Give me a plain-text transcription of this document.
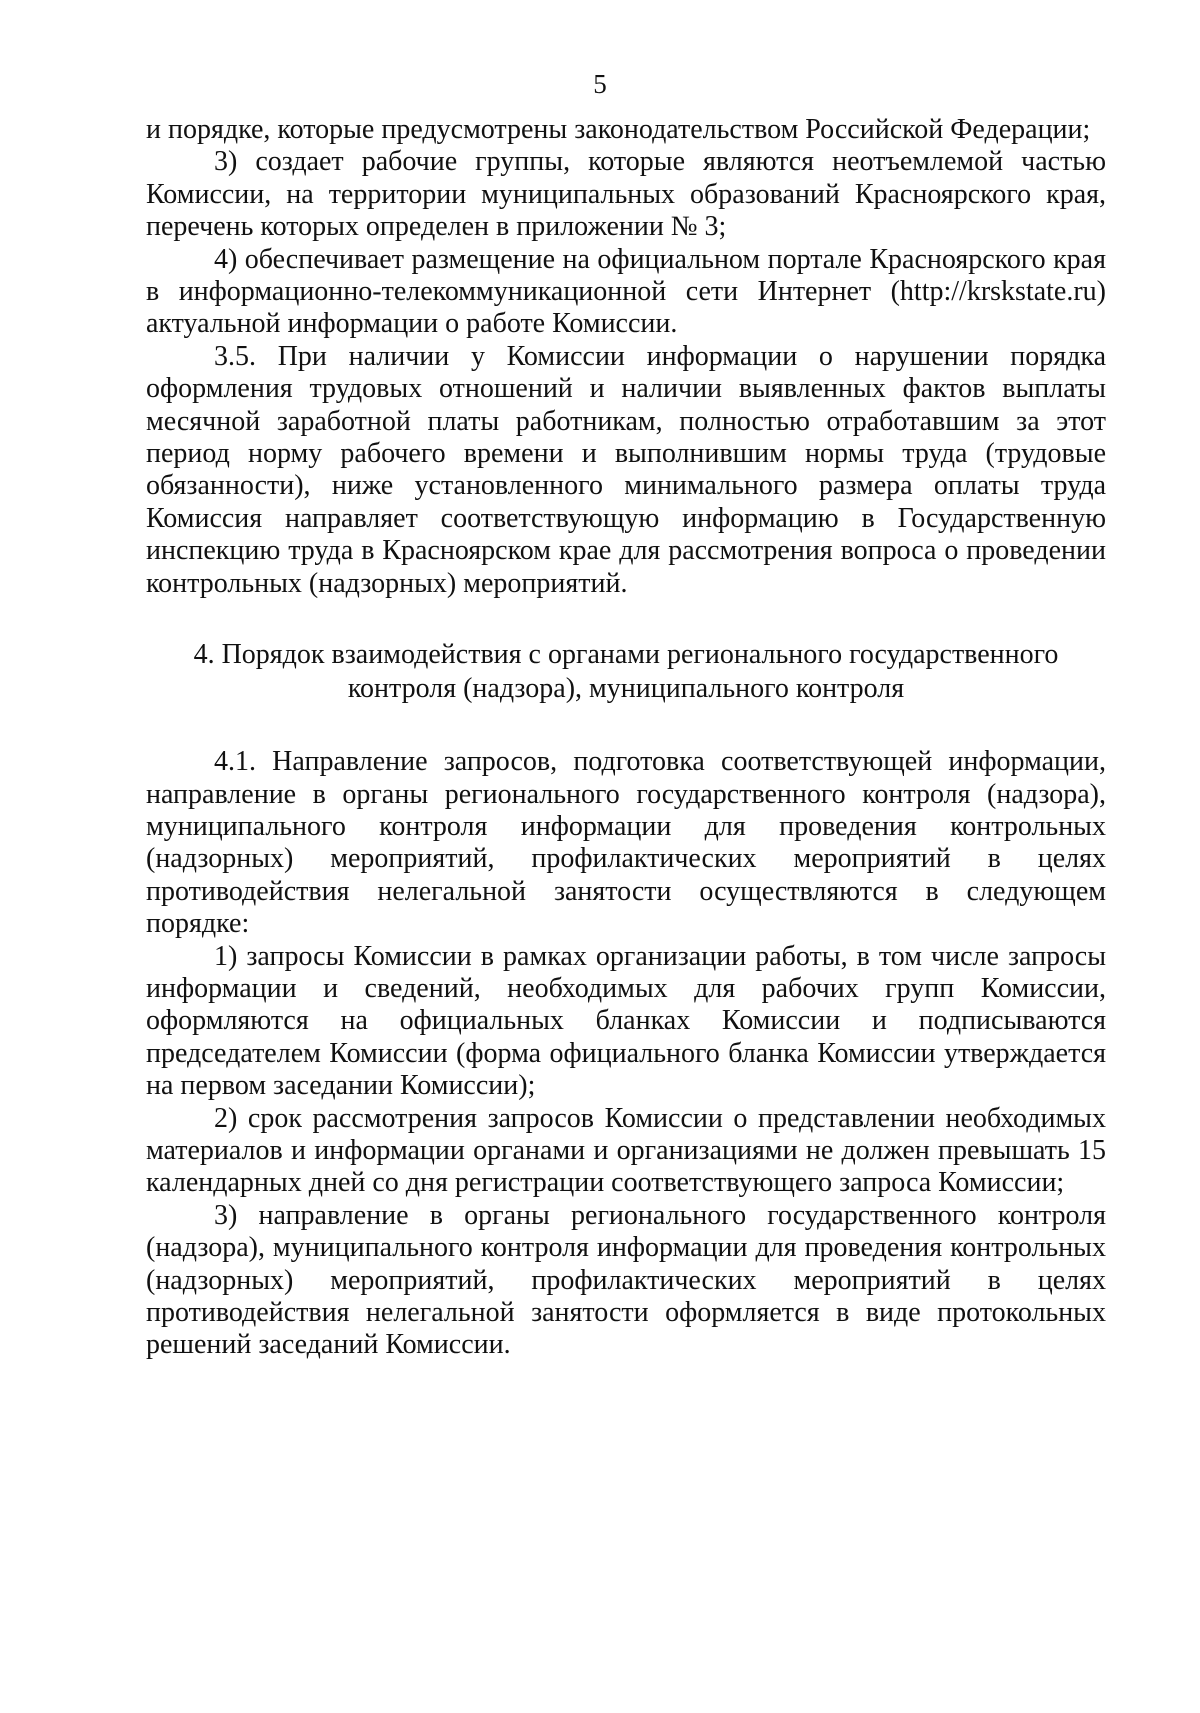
5

и порядке, которые предусмотрены законодательством Российской Федерации;

3) создает рабочие группы, которые являются неотъемлемой частью Комиссии, на территории муниципальных образований Красноярского края, перечень которых определен в приложении № 3;

4) обеспечивает размещение на официальном портале Красноярского края в информационно-телекоммуникационной сети Интернет (http://krskstate.ru) актуальной информации о работе Комиссии.

3.5. При наличии у Комиссии информации о нарушении порядка оформления трудовых отношений и наличии выявленных фактов выплаты месячной заработной платы работникам, полностью отработавшим за этот период норму рабочего времени и выполнившим нормы труда (трудовые обязанности), ниже установленного минимального размера оплаты труда Комиссия направляет соответствующую информацию в Государственную инспекцию труда в Красноярском крае для рассмотрения вопроса о проведении контрольных (надзорных) мероприятий.

4. Порядок взаимодействия с органами регионального государственного
контроля (надзора), муниципального контроля

4.1. Направление запросов, подготовка соответствующей информации, направление в органы регионального государственного контроля (надзора), муниципального контроля информации для проведения контрольных (надзорных) мероприятий, профилактических мероприятий в целях противодействия нелегальной занятости осуществляются в следующем порядке:

1) запросы Комиссии в рамках организации работы, в том числе запросы информации и сведений, необходимых для рабочих групп Комиссии, оформляются на официальных бланках Комиссии и подписываются председателем Комиссии (форма официального бланка Комиссии утверждается на первом заседании Комиссии);

2) срок рассмотрения запросов Комиссии о представлении необходимых материалов и информации органами и организациями не должен превышать 15 календарных дней со дня регистрации соответствующего запроса Комиссии;

3) направление в органы регионального государственного контроля (надзора), муниципального контроля информации для проведения контрольных (надзорных) мероприятий, профилактических мероприятий в целях противодействия нелегальной занятости оформляется в виде протокольных решений заседаний Комиссии.
